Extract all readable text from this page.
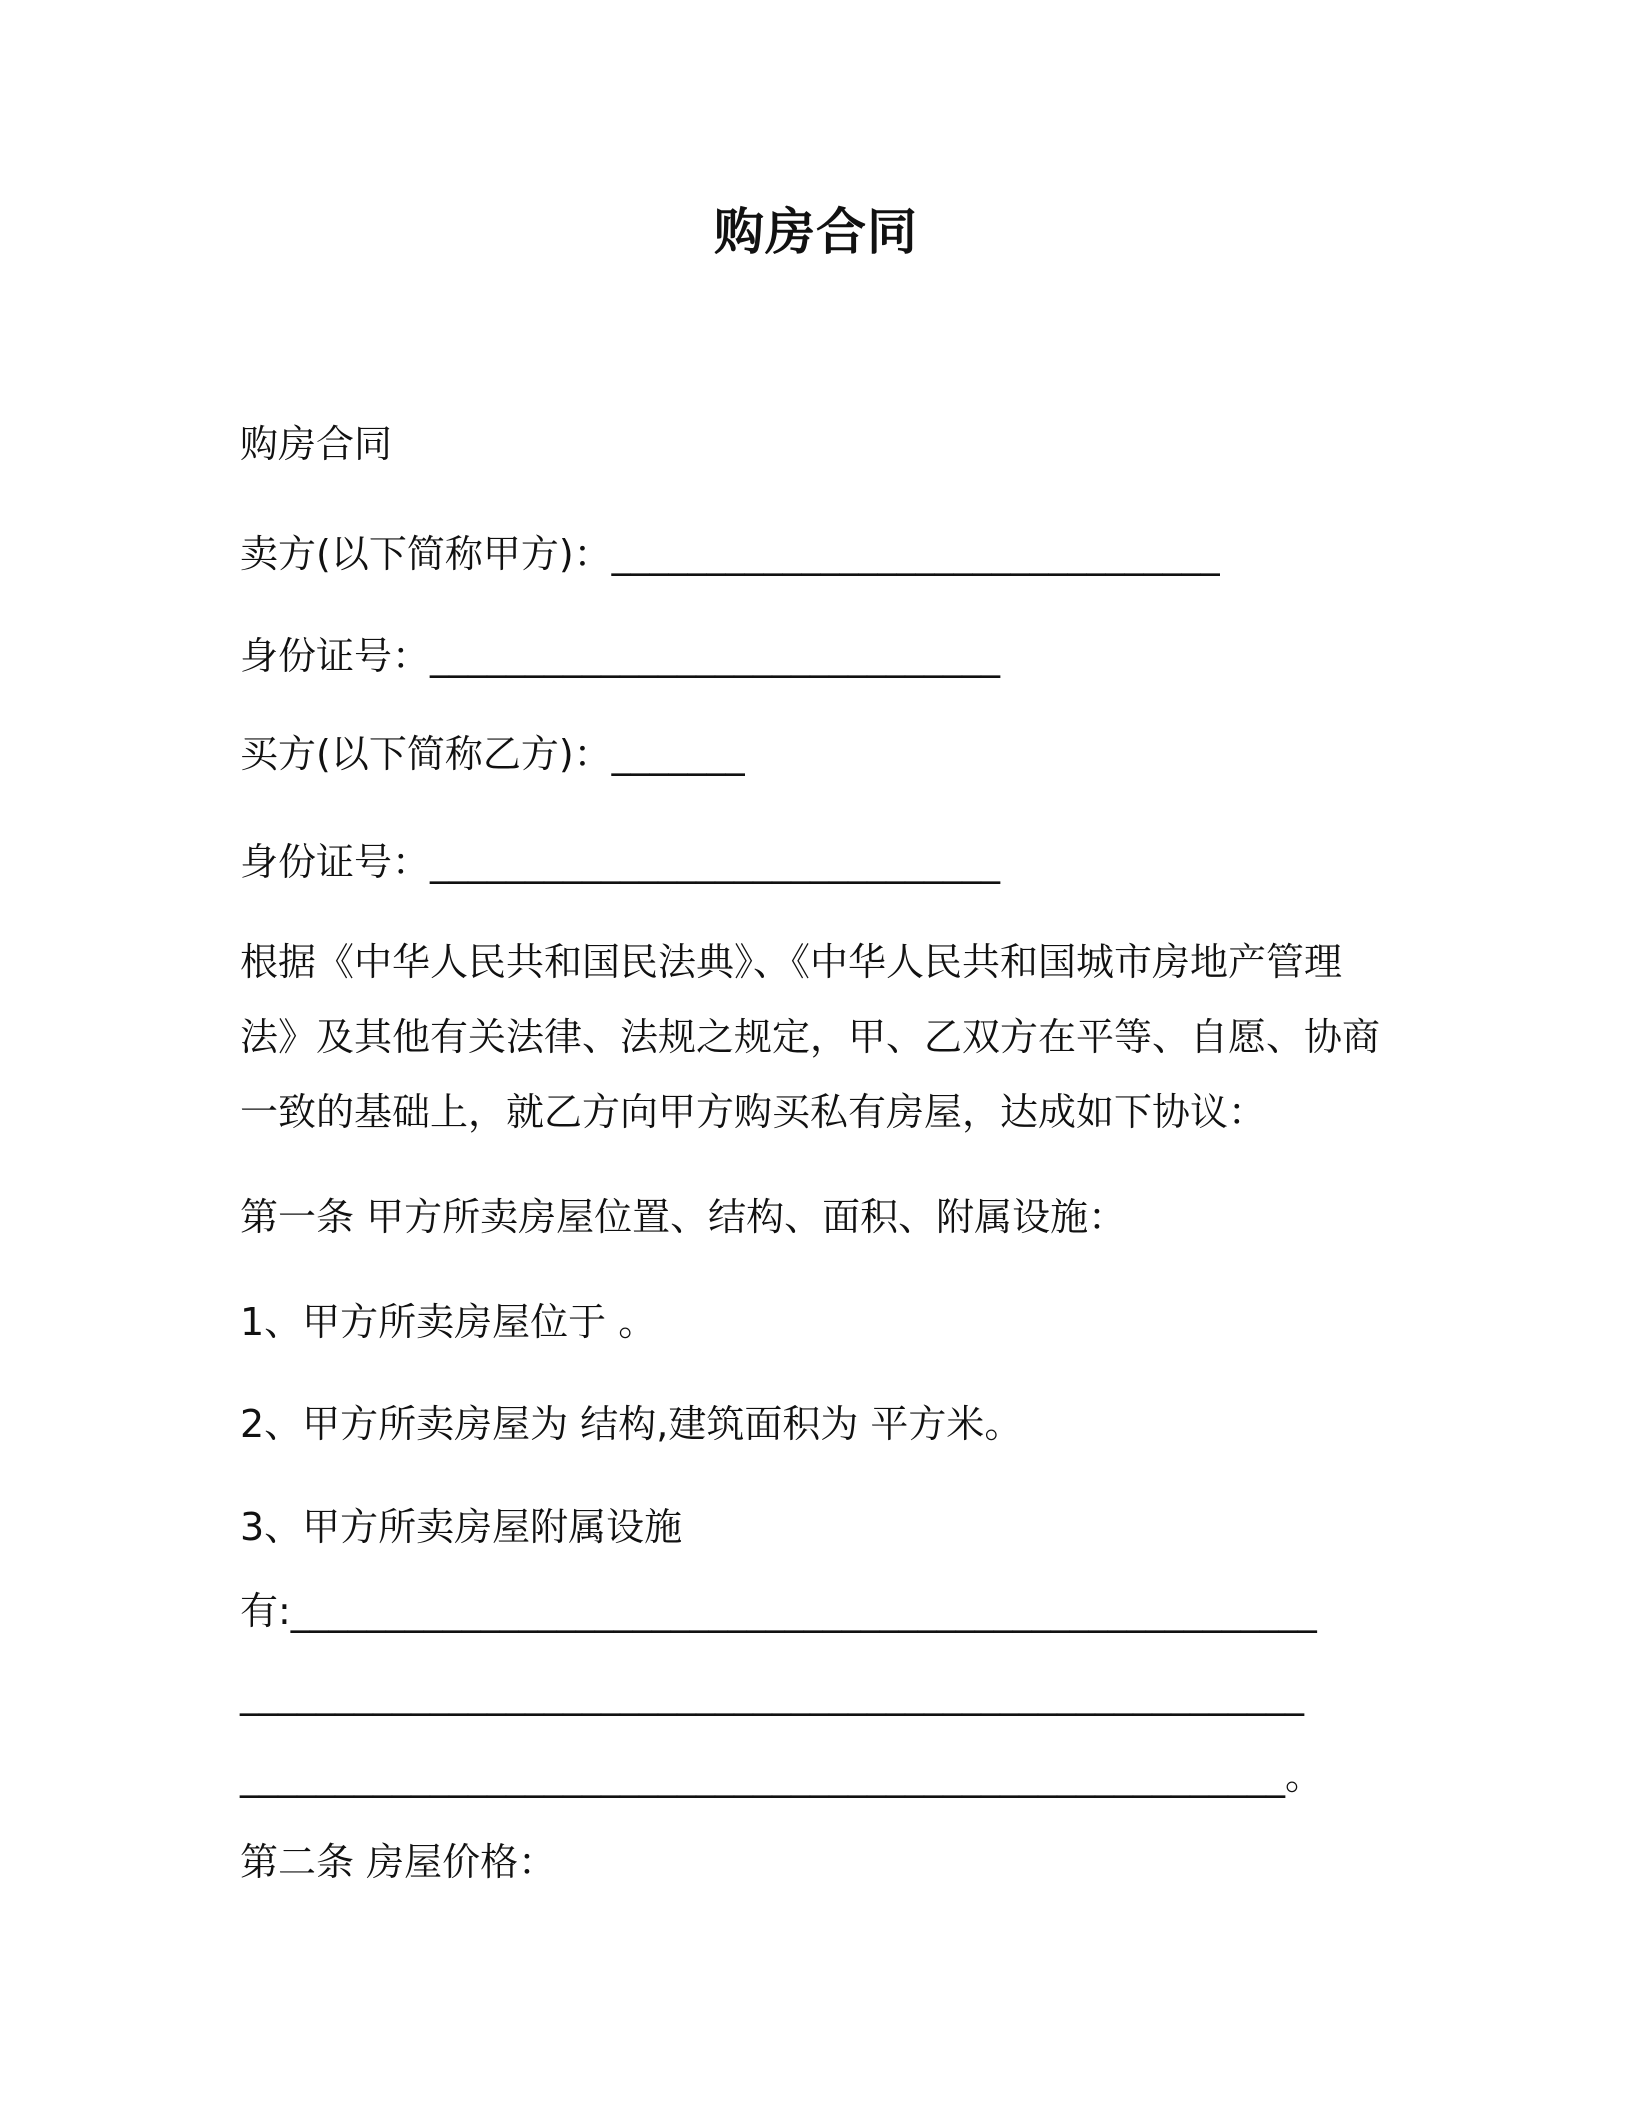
购房合同
购房合同
卖方(以下简称甲方)：________________________________
身份证号：______________________________
买方(以下简称乙方)：_______
身份证号：______________________________
根据《中华人民共和国民法典》、《中华人民共和国城市房地产管理
法》及其他有关法律、法规之规定，甲、乙双方在平等、自愿、协商
一致的基础上，就乙方向甲方购买私有房屋，达成如下协议：
第一条 甲方所卖房屋位置、结构、面积、附属设施：
1、甲方所卖房屋位于 。
2、甲方所卖房屋为 结构,建筑面积为 平方米。
3、甲方所卖房屋附属设施
有:______________________________________________________
________________________________________________________
_______________________________________________________。
第二条 房屋价格：
